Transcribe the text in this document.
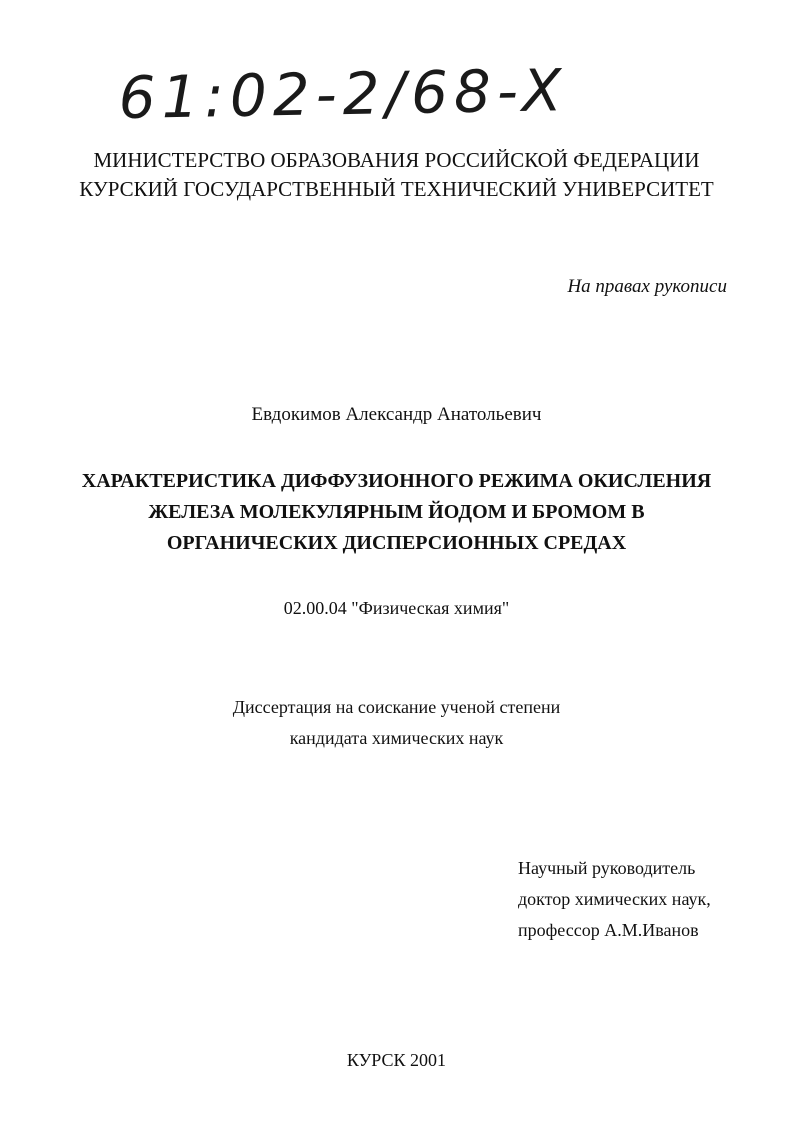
61:02-2/68-X
МИНИСТЕРСТВО ОБРАЗОВАНИЯ РОССИЙСКОЙ ФЕДЕРАЦИИ
КУРСКИЙ ГОСУДАРСТВЕННЫЙ ТЕХНИЧЕСКИЙ УНИВЕРСИТЕТ
На правах рукописи
Евдокимов Александр Анатольевич
ХАРАКТЕРИСТИКА ДИФФУЗИОННОГО РЕЖИМА ОКИСЛЕНИЯ
ЖЕЛЕЗА МОЛЕКУЛЯРНЫМ ЙОДОМ И БРОМОМ В
ОРГАНИЧЕСКИХ ДИСПЕРСИОННЫХ СРЕДАХ
02.00.04 "Физическая химия"
Диссертация на соискание ученой степени
кандидата химических наук
Научный руководитель
доктор химических наук,
профессор А.М.Иванов
КУРСК 2001
